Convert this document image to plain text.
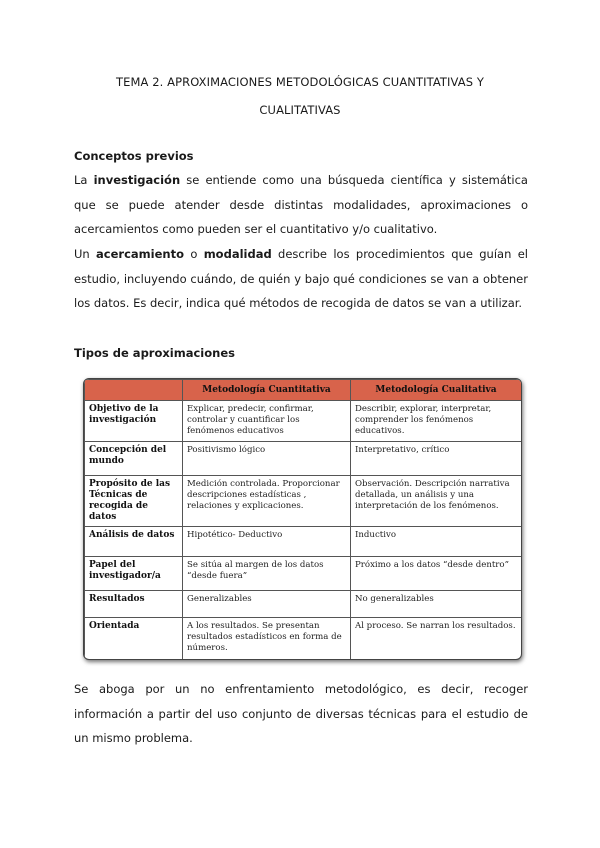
TEMA 2. APROXIMACIONES METODOLÓGICAS CUANTITATIVAS Y
CUALITATIVAS
Conceptos previos
La investigación se entiende como una búsqueda científica y sistemática que se puede atender desde distintas modalidades, aproximaciones o acercamientos como pueden ser el cuantitativo y/o cualitativo.
Un acercamiento o modalidad describe los procedimientos que guían el estudio, incluyendo cuándo, de quién y bajo qué condiciones se van a obtener los datos. Es decir, indica qué métodos de recogida de datos se van a utilizar.
Tipos de aproximaciones
	Metodología Cuantitativa	Metodología Cualitativa
Objetivo de la investigación	Explicar, predecir, confirmar, controlar y cuantificar los fenómenos educativos	Describir, explorar, interpretar, comprender los fenómenos educativos.
Concepción del mundo	Positivismo lógico	Interpretativo, crítico
Propósito de las Técnicas de recogida de datos	Medición controlada. Proporcionar descripciones estadísticas , relaciones y explicaciones.	Observación. Descripción narrativa detallada, un análisis y una interpretación de los fenómenos.
Análisis de datos	Hipotético- Deductivo	Inductivo
Papel del investigador/a	Se sitúa al margen de los datos “desde fuera”	Próximo a los datos “desde dentro”
Resultados	Generalizables	No generalizables
Orientada	A los resultados. Se presentan resultados estadísticos en forma de números.	Al proceso. Se narran los resultados.
Se aboga por un no enfrentamiento metodológico, es decir, recoger información a partir del uso conjunto de diversas técnicas para el estudio de un mismo problema.
